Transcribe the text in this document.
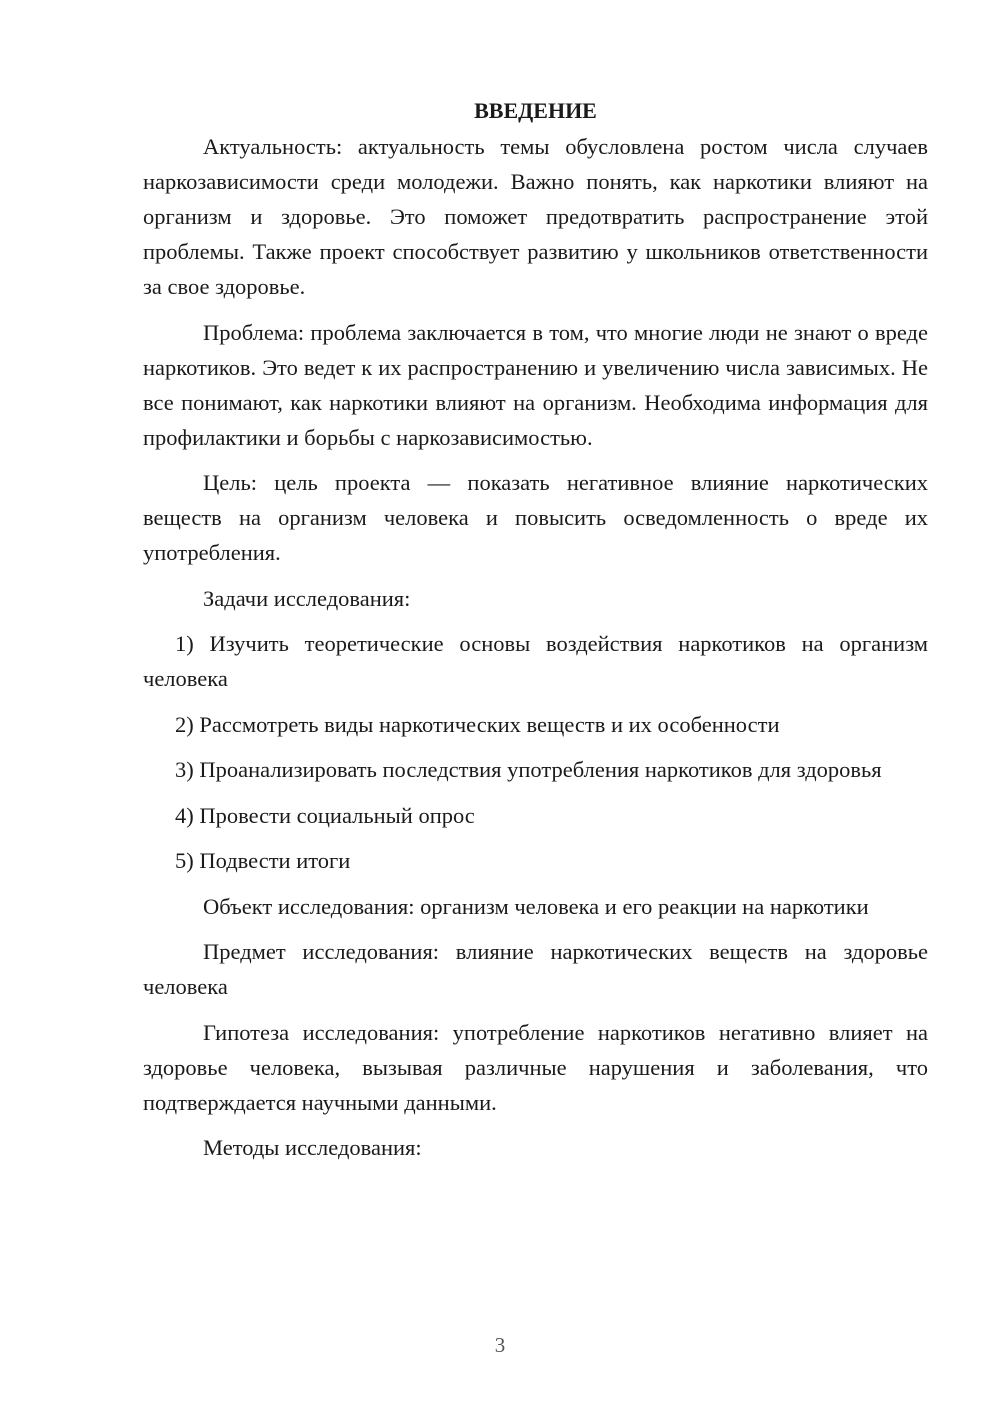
ВВЕДЕНИЕ

Актуальность: актуальность темы обусловлена ростом числа случаев наркозависимости среди молодежи. Важно понять, как наркотики влияют на организм и здоровье. Это поможет предотвратить распространение этой проблемы. Также проект способствует развитию у школьников ответственности за свое здоровье.

Проблема: проблема заключается в том, что многие люди не знают о вреде наркотиков. Это ведет к их распространению и увеличению числа зависимых. Не все понимают, как наркотики влияют на организм. Необходима информация для профилактики и борьбы с наркозависимостью.

Цель: цель проекта — показать негативное влияние наркотических веществ на организм человека и повысить осведомленность о вреде их употребления.

Задачи исследования:

1) Изучить теоретические основы воздействия наркотиков на организм человека

2) Рассмотреть виды наркотических веществ и их особенности

3) Проанализировать последствия употребления наркотиков для здоровья

4) Провести социальный опрос

5) Подвести итоги

Объект исследования: организм человека и его реакции на наркотики

Предмет исследования: влияние наркотических веществ на здоровье человека

Гипотеза исследования: употребление наркотиков негативно влияет на здоровье человека, вызывая различные нарушения и заболевания, что подтверждается научными данными.

Методы исследования:

3
